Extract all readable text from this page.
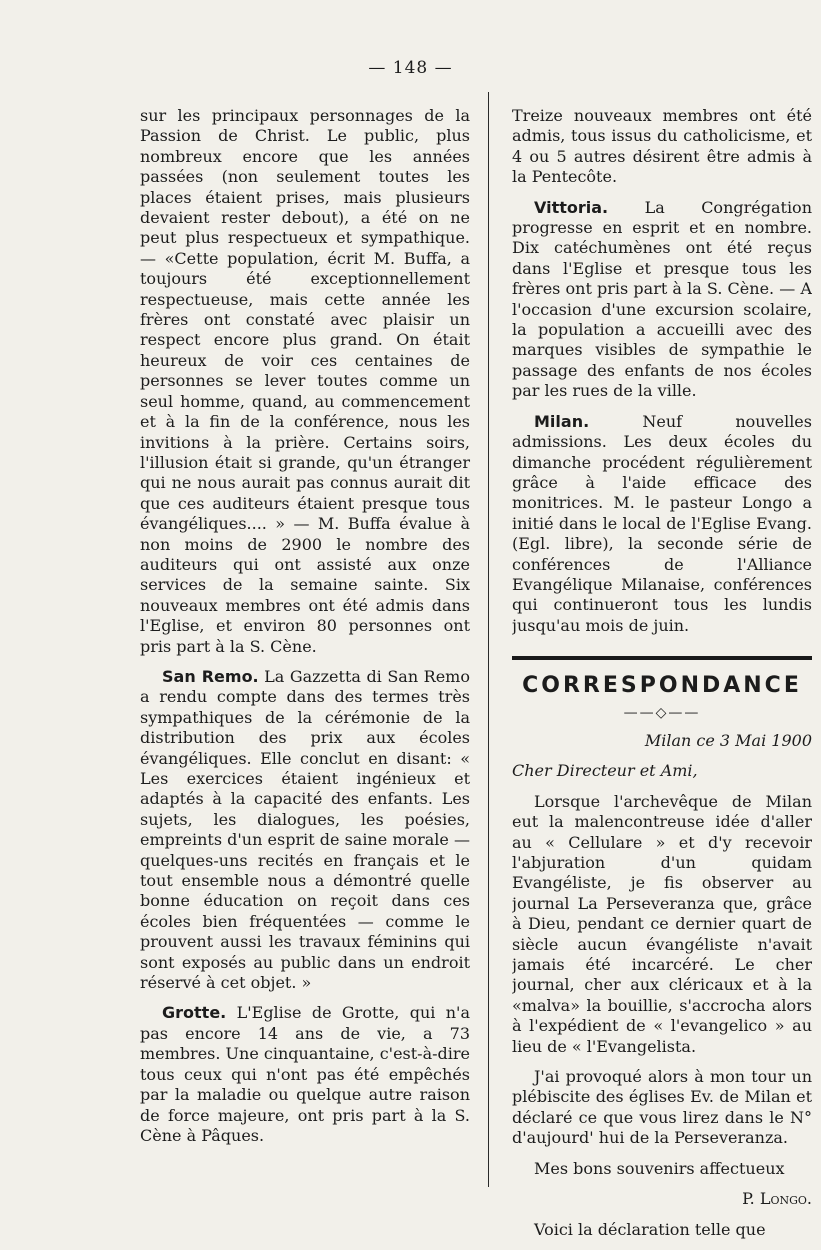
— 148 —

sur les principaux personnages de la Passion de Christ. Le public, plus nombreux encore que les années passées (non seulement toutes les places étaient prises, mais plusieurs devaient rester debout), a été on ne peut plus respectueux et sympathique. — «Cette population, écrit M. Buffa, a toujours été exceptionnellement respectueuse, mais cette année les frères ont constaté avec plaisir un respect encore plus grand. On était heureux de voir ces centaines de personnes se lever toutes comme un seul homme, quand, au commencement et à la fin de la conférence, nous les invitions à la prière. Certains soirs, l'illusion était si grande, qu'un étranger qui ne nous aurait pas connus aurait dit que ces auditeurs étaient presque tous évangéliques.... » — M. Buffa évalue à non moins de 2900 le nombre des auditeurs qui ont assisté aux onze services de la semaine sainte. Six nouveaux membres ont été admis dans l'Eglise, et environ 80 personnes ont pris part à la S. Cène.

San Remo. La Gazzetta di San Remo a rendu compte dans des termes très sympathiques de la cérémonie de la distribution des prix aux écoles évangéliques. Elle conclut en disant: « Les exercices étaient ingénieux et adaptés à la capacité des enfants. Les sujets, les dialogues, les poésies, empreints d'un esprit de saine morale — quelques-uns recités en français et le tout ensemble nous a démontré quelle bonne éducation on reçoit dans ces écoles bien fréquentées — comme le prouvent aussi les travaux féminins qui sont exposés au public dans un endroit réservé à cet objet. »

Grotte. L'Eglise de Grotte, qui n'a pas encore 14 ans de vie, a 73 membres. Une cinquantaine, c'est-à-dire tous ceux qui n'ont pas été empêchés par la maladie ou quelque autre raison de force majeure, ont pris part à la S. Cène à Pâques.

Treize nouveaux membres ont été admis, tous issus du catholicisme, et 4 ou 5 autres désirent être admis à la Pentecôte.

Vittoria. La Congrégation progresse en esprit et en nombre. Dix catéchumènes ont été reçus dans l'Eglise et presque tous les frères ont pris part à la S. Cène. — A l'occasion d'une excursion scolaire, la population a accueilli avec des marques visibles de sympathie le passage des enfants de nos écoles par les rues de la ville.

Milan.	Neuf nouvelles admissions. Les deux écoles du dimanche procédent régulièrement grâce à l'aide efficace des monitrices. M. le pasteur Longo a initié dans le local de l'Eglise Evang. (Egl. libre), la seconde série de conférences de l'Alliance Evangélique Milanaise, conférences qui continueront tous les lundis jusqu'au mois de juin.

CORRESPONDANCE
——◇——

Milan ce 3 Mai 1900

Cher Directeur et Ami,

Lorsque l'archevêque de Milan eut la malencontreuse idée d'aller au « Cellulare » et d'y recevoir l'abjuration d'un quidam Evangéliste, je fis observer au journal La Perseveranza que, grâce à Dieu, pendant ce dernier quart de siècle aucun évangéliste n'avait jamais été incarcéré. Le cher journal, cher aux cléricaux et à la «malva» la bouillie, s'accrocha alors à l'expédient de « l'evangelico » au lieu de « l'Evangelista.

J'ai provoqué alors à mon tour un plébiscite des églises Ev. de Milan et déclaré ce que vous lirez dans le N° d'aujourd' hui de la Perseveranza.

Mes bons souvenirs affectueux

P. Longo.

Voici la déclaration telle que
